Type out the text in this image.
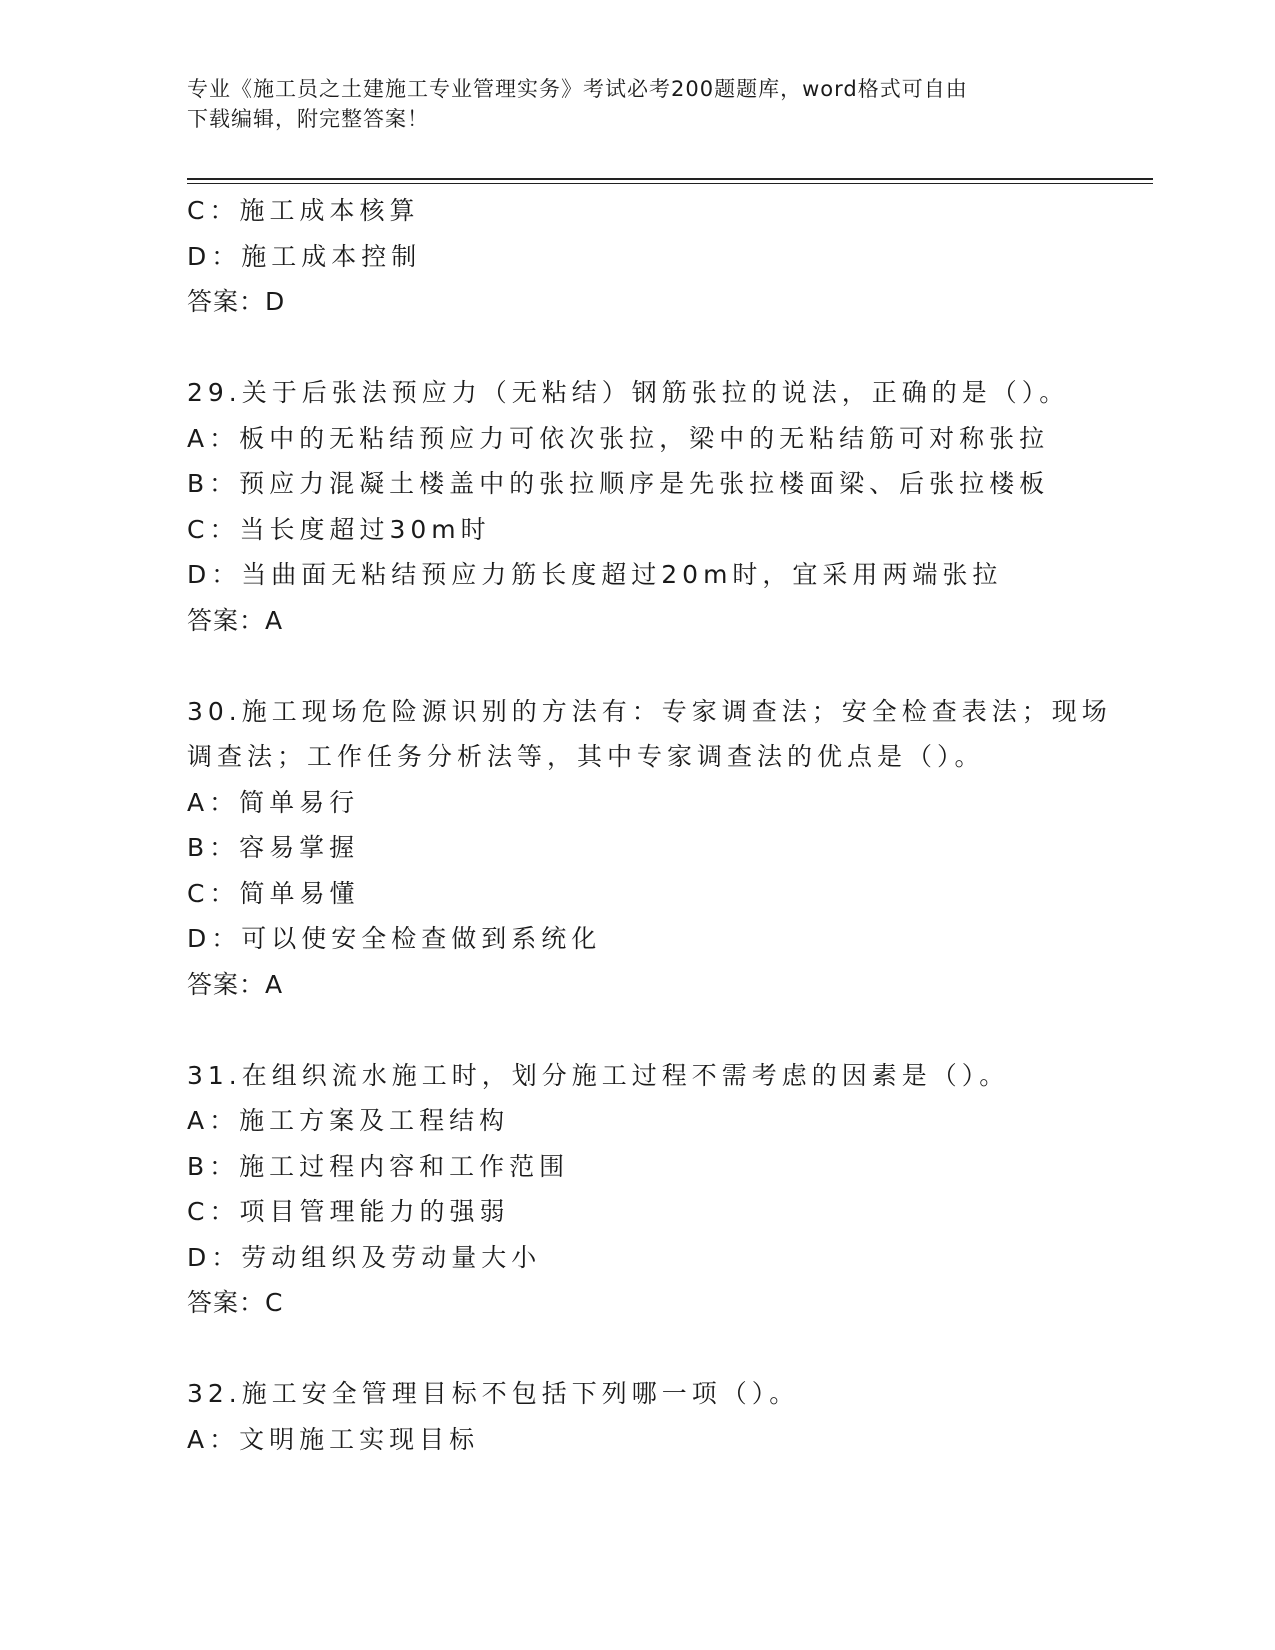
专业《施工员之土建施工专业管理实务》考试必考200题题库，word格式可自由
下载编辑，附完整答案！
C：施工成本核算
D：施工成本控制
答案：D
29.关于后张法预应力（无粘结）钢筋张拉的说法，正确的是（）。
A：板中的无粘结预应力可依次张拉，梁中的无粘结筋可对称张拉
B：预应力混凝土楼盖中的张拉顺序是先张拉楼面梁、后张拉楼板
C：当长度超过30m时
D：当曲面无粘结预应力筋长度超过20m时，宜采用两端张拉
答案：A
30.施工现场危险源识别的方法有：专家调查法；安全检查表法；现场
调查法；工作任务分析法等，其中专家调查法的优点是（）。
A：简单易行
B：容易掌握
C：简单易懂
D：可以使安全检查做到系统化
答案：A
31.在组织流水施工时，划分施工过程不需考虑的因素是（）。
A：施工方案及工程结构
B：施工过程内容和工作范围
C：项目管理能力的强弱
D：劳动组织及劳动量大小
答案：C
32.施工安全管理目标不包括下列哪一项（）。
A：文明施工实现目标
